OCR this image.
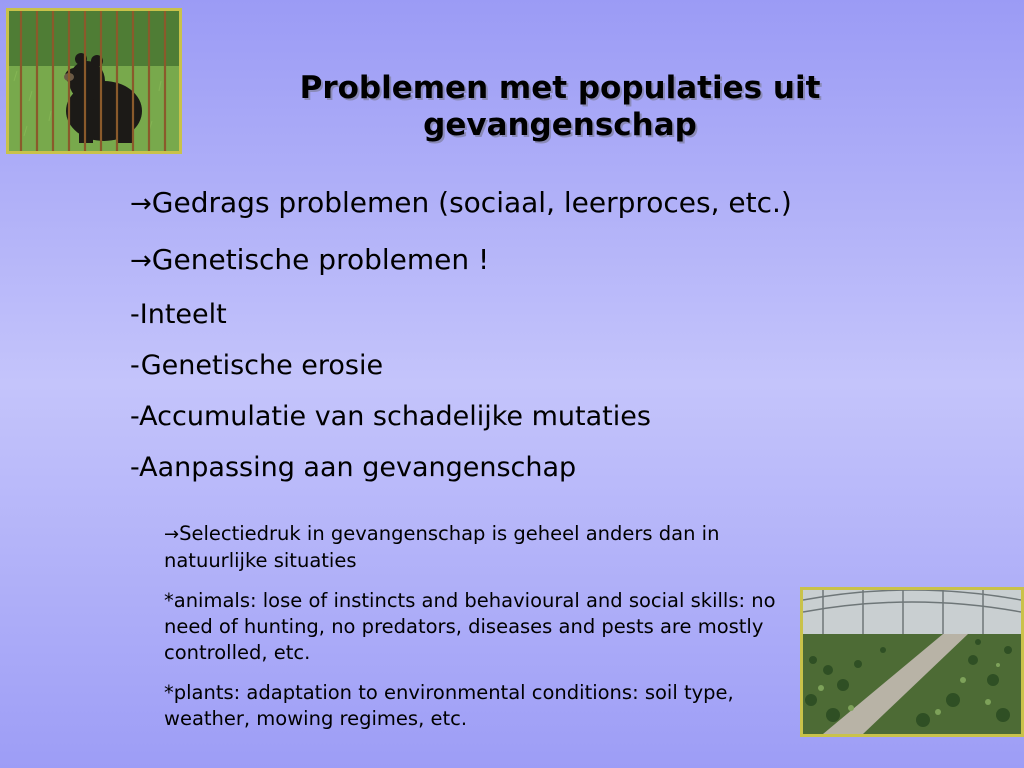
Problemen met populaties uit
gevangenschap
→Gedrags problemen (sociaal, leerproces, etc.)
→Genetische problemen !
-Inteelt
-Genetische erosie
-Accumulatie van schadelijke mutaties
-Aanpassing aan gevangenschap

→Selectiedruk in gevangenschap is geheel anders dan in natuurlijke situaties

*animals: lose of instincts and behavioural and social skills: no need of hunting, no predators, diseases and pests are mostly controlled, etc.

*plants: adaptation to environmental conditions: soil type, weather, mowing regimes, etc.
